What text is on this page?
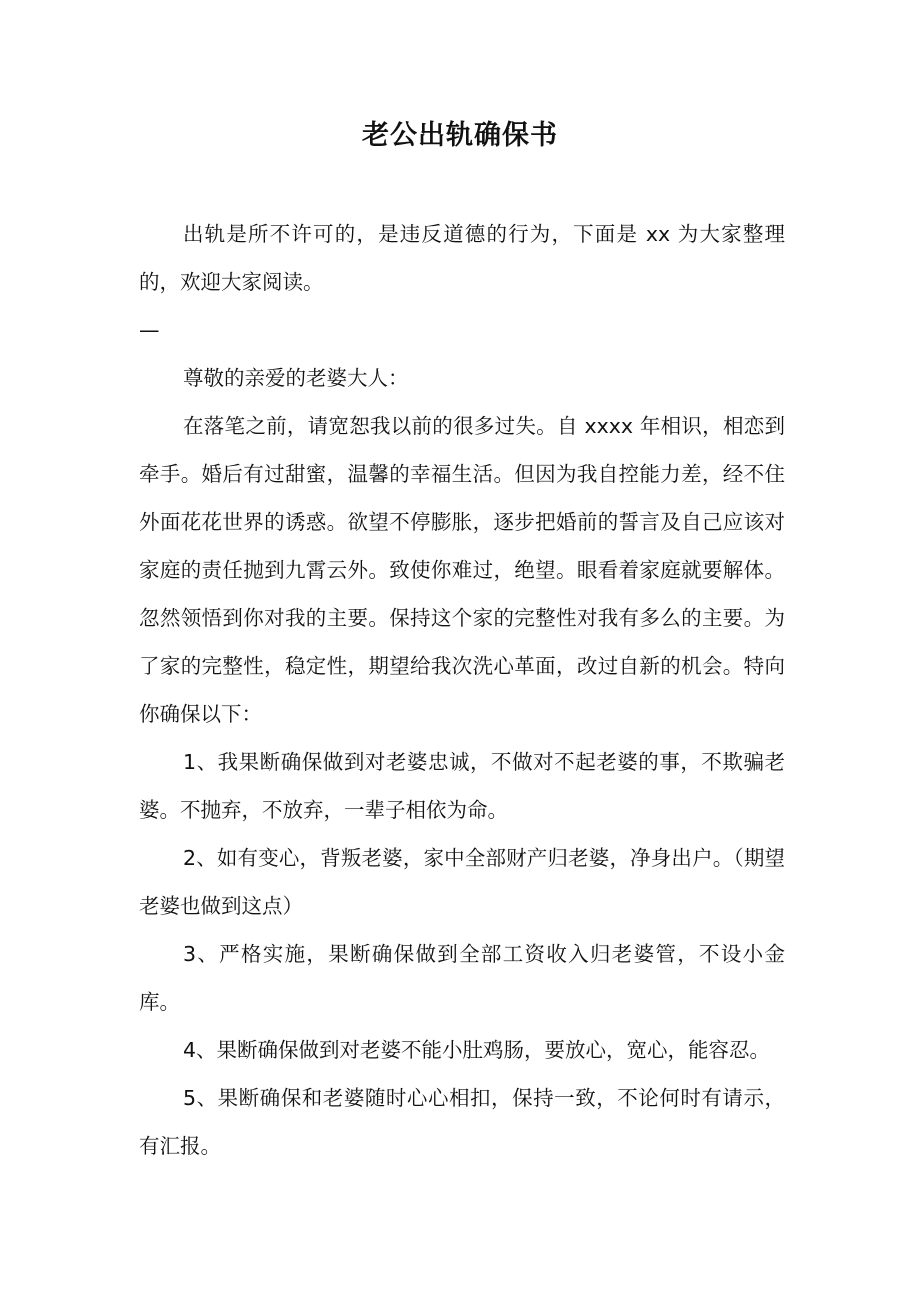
老公出轨确保书

出轨是所不许可的，是违反道德的行为，下面是 xx 为大家整理的，欢迎大家阅读。

—

尊敬的亲爱的老婆大人：

在落笔之前，请宽恕我以前的很多过失。自 xxxx 年相识，相恋到牵手。婚后有过甜蜜，温馨的幸福生活。但因为我自控能力差，经不住外面花花世界的诱惑。欲望不停膨胀，逐步把婚前的誓言及自己应该对家庭的责任抛到九霄云外。致使你难过，绝望。眼看着家庭就要解体。忽然领悟到你对我的主要。保持这个家的完整性对我有多么的主要。为了家的完整性，稳定性，期望给我次洗心革面，改过自新的机会。特向你确保以下：

1、我果断确保做到对老婆忠诚，不做对不起老婆的事，不欺骗老婆。不抛弃，不放弃，一辈子相依为命。

2、如有变心，背叛老婆，家中全部财产归老婆，净身出户。（期望老婆也做到这点）

3、严格实施，果断确保做到全部工资收入归老婆管，不设小金库。

4、果断确保做到对老婆不能小肚鸡肠，要放心，宽心，能容忍。

5、果断确保和老婆随时心心相扣，保持一致，不论何时有请示，有汇报。
